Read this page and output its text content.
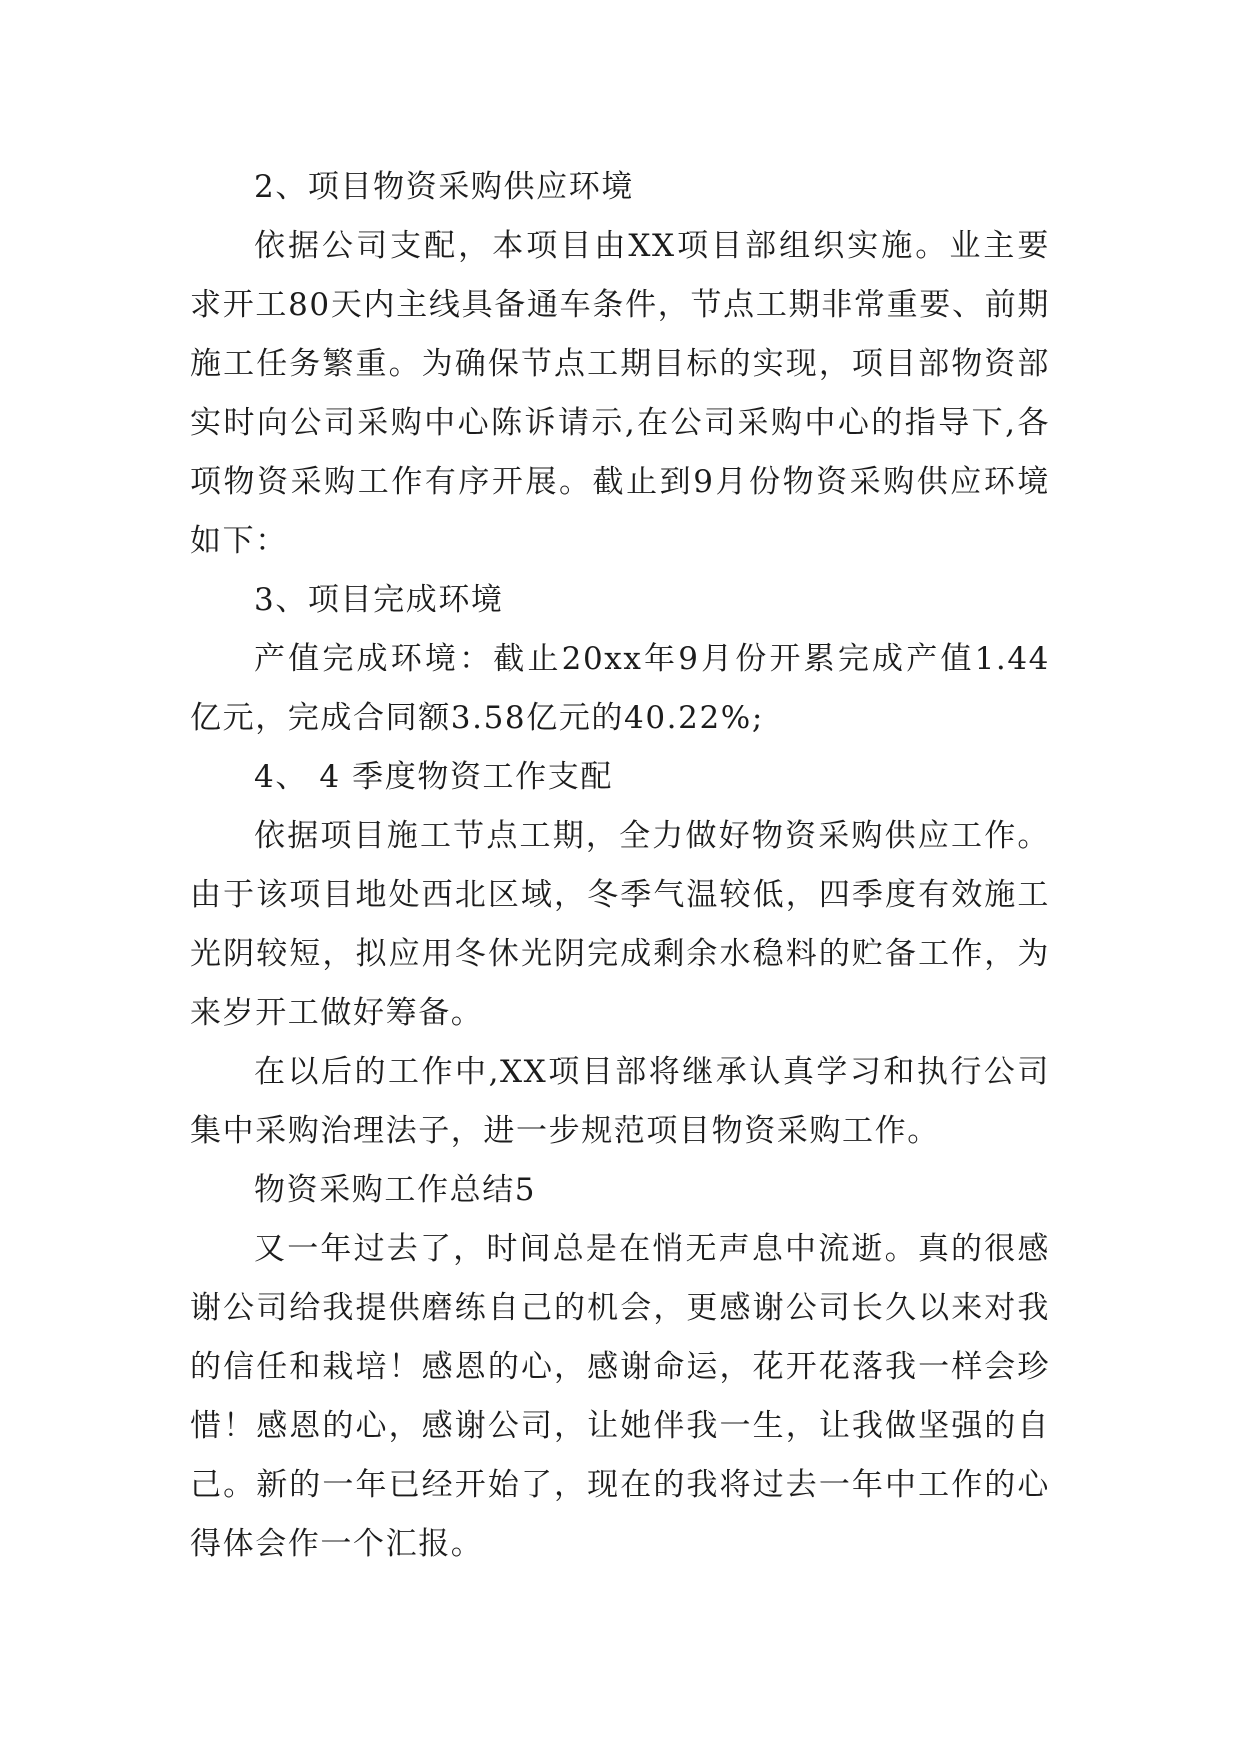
2、项目物资采购供应环境

依据公司支配，本项目由XX项目部组织实施。业主要求开工80天内主线具备通车条件，节点工期非常重要、前期施工任务繁重。为确保节点工期目标的实现，项目部物资部实时向公司采购中心陈诉请示,在公司采购中心的指导下,各项物资采购工作有序开展。截止到9月份物资采购供应环境如下：

3、项目完成环境

产值完成环境：截止20xx年9月份开累完成产值1.44亿元，完成合同额3.58亿元的40.22%;

4、 4 季度物资工作支配

依据项目施工节点工期，全力做好物资采购供应工作。由于该项目地处西北区域，冬季气温较低，四季度有效施工光阴较短，拟应用冬休光阴完成剩余水稳料的贮备工作，为来岁开工做好筹备。

在以后的工作中,XX项目部将继承认真学习和执行公司集中采购治理法子，进一步规范项目物资采购工作。

物资采购工作总结5

又一年过去了，时间总是在悄无声息中流逝。真的很感谢公司给我提供磨练自己的机会，更感谢公司长久以来对我的信任和栽培！感恩的心，感谢命运，花开花落我一样会珍惜！感恩的心，感谢公司，让她伴我一生，让我做坚强的自己。新的一年已经开始了，现在的我将过去一年中工作的心得体会作一个汇报。
